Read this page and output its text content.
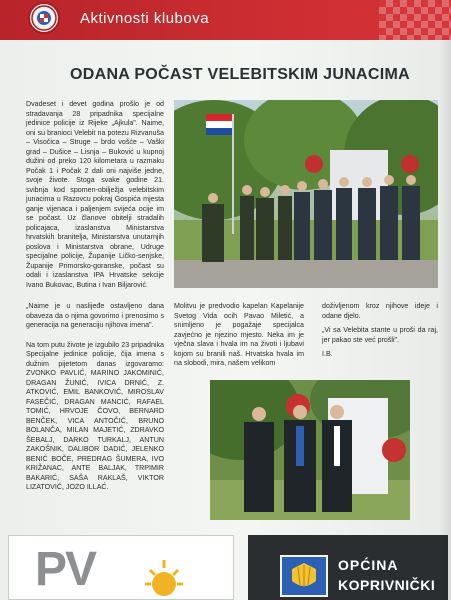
Aktivnosti klubova
ODANA POČAST VELEBITSKIM JUNACIMA

Dvadeset i devet godina prošlo je od stradavanja 28 pripadnika specijalne jedinice policije iz Rijeke „Ajkula". Naime, oni su branioci Velebit na potezu Rizvanuša – Visočica – Struge – brdo vošće – Vaški grad – Dušice – Lisnja – Buković u kupnoj dužini od preko 120 kilometara u razmaku Počak 1 i Počak 2 dali oni najviše jedne, svoje živote. Stoga svake godine 21. svibnja kod spomen-obilježja velebitskim junacima u Razovcu pokraj Gospića mjesta ganje vijenaca i paljenjem svijeća ocije im se počast. Uz članove obitelji stradalih policajaca, izaslanstva Ministarstva hrvatskih branitelja, Ministarstva unutarnjih poslova i Ministarstva obrane, Udruge specijalne policije, Županije Ličko-senjske, Županije Primorsko-goranske, počast su odali i izaslanstva IPA Hrvatske sekcije Ivano Bukovac, Butina i Ivan Biljarović.

„Naime je u naslijeđe ostavljeno dana obaveza da o njima govorimo i prenosimo s generacija na generaciju njihova imena".

Na tom putu živote je izgubilo 23 pripadnika Specijalne jedinice policije, čija imena s dužnim pijetetom danas izgovaramo: ZVONKO PAVLIĆ, MARINO JAKOMINIĆ, DRAGAN ŽUNIĆ, IVICA DRNIĆ, Z. ATKOVIĆ, EMIL BANKOVIĆ, MIROSLAV FASEČIĆ, DRAGAN MANCIĆ, RAFAEL TOMIĆ, HRVOJE ČOVO, BERNARD BENČEK, VICA ANTOČIĆ, BRUNO BOLANČA, MILAN MAJETIĆ, ZDRAVKO ŠEBALJ, DARKO TURKALJ, ANTUN ZAKOŠNIK, DALIBOR DADIĆ, JELENKO BENIĆ BOČE, PREDRAG ŠUMERA, IVO KRIŽANAC, ANTE BALJAK, TRPIMIR BAKARIĆ, SAŠA RAKLAŠ, VIKTOR LIZATOVIĆ, JOZO ILLAĆ.

Molitvu je predvodio kapelan Kapelanije Svetog Vida ocih Pavao Miletić, a snimljeno je pogažaje specijalca zavjećno je njezino mjesto. Neka im je vječna slava i hvala im na životi i ljubavi kojom su branili naš. Hrvatska hvala im na slobodi, mira, našem velikom

doživljenom kroz njihove ideje i odane djelo.

„Vi sa Velebita stante u proši da raj, jer pakao ste već prošli".

I.B.

PV	OPĆINA
KOPRIVNIČKI
